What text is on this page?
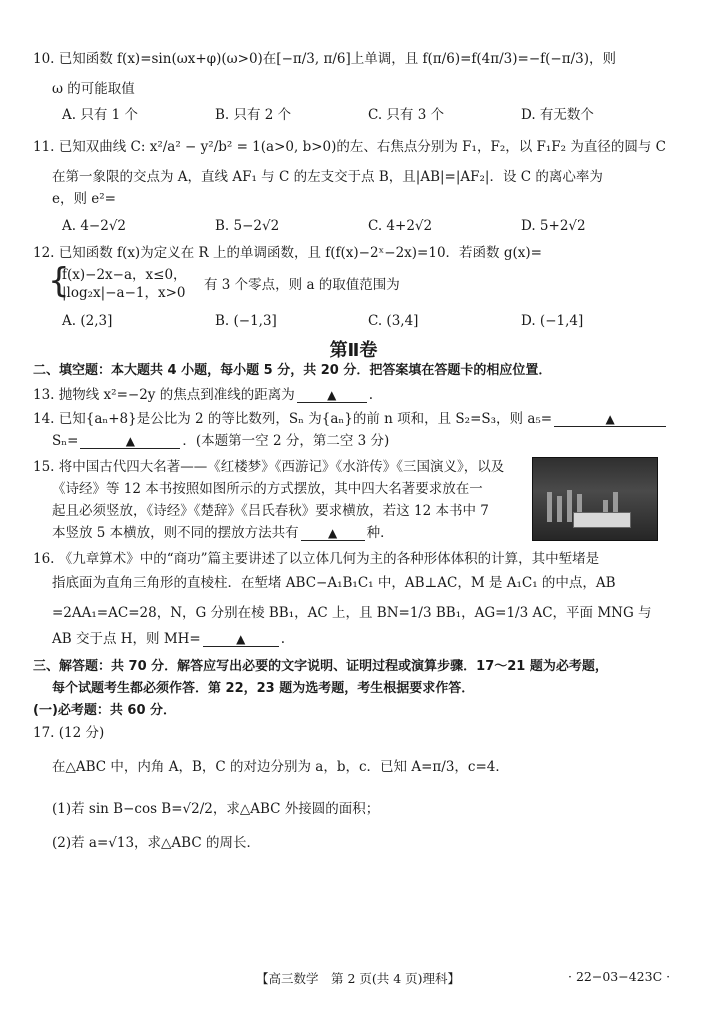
10. 已知函数 f(x)=sin(ωx+φ)(ω>0)在[−π/3, π/6]上单调，且 f(π/6)=f(4π/3)=−f(−π/3)，则
ω 的可能取值
A. 只有 1 个	B. 只有 2 个	C. 只有 3 个	D. 有无数个
11. 已知双曲线 C: x²/a² − y²/b² = 1(a>0, b>0)的左、右焦点分别为 F₁，F₂，以 F₁F₂ 为直径的圆与 C
在第一象限的交点为 A，直线 AF₁ 与 C 的左支交于点 B，且|AB|=|AF₂|．设 C 的离心率为
e，则 e²=
A. 4−2√2	B. 5−2√2	C. 4+2√2	D. 5+2√2
12. 已知函数 f(x)为定义在 R 上的单调函数，且 f(f(x)−2ˣ−2x)=10．若函数 g(x)=
{
f(x)−2x−a，x≤0，
|log₂x|−a−1，x>0 有 3 个零点，则 a 的取值范围为
A. (2,3]	B. (−1,3]	C. (3,4]	D. (−1,4]
第Ⅱ卷
二、填空题：本大题共 4 小题，每小题 5 分，共 20 分．把答案填在答题卡的相应位置．
13. 抛物线 x²=−2y 的焦点到准线的距离为	▲ .
14. 已知{aₙ+8}是公比为 2 的等比数列，Sₙ 为{aₙ}的前 n 项和，且 S₂=S₃，则 a₅=	▲
Sₙ=	▲	．(本题第一空 2 分，第二空 3 分)
15. 将中国古代四大名著——《红楼梦》《西游记》《水浒传》《三国演义》，以及
《诗经》等 12 本书按照如图所示的方式摆放，其中四大名著要求放在一
起且必须竖放，《诗经》《楚辞》《吕氏春秋》要求横放，若这 12 本书中 7
本竖放 5 本横放，则不同的摆放方法共有 ▲ 种．
16. 《九章算术》中的“商功”篇主要讲述了以立体几何为主的各种形体体积的计算，其中堑堵是
指底面为直角三角形的直棱柱．在堑堵 ABC−A₁B₁C₁ 中，AB⊥AC，M 是 A₁C₁ 的中点，AB
=2AA₁=AC=28，N，G 分别在棱 BB₁，AC 上，且 BN=1/3 BB₁，AG=1/3 AC，平面 MNG 与
AB 交于点 H，则 MH=	▲	.
三、解答题：共 70 分．解答应写出必要的文字说明、证明过程或演算步骤．17～21 题为必考题，
每个试题考生都必须作答．第 22，23 题为选考题，考生根据要求作答．
(一)必考题：共 60 分．
17. (12 分)
在△ABC 中，内角 A，B，C 的对边分别为 a，b，c．已知 A=π/3，c=4．
(1)若 sin B−cos B=√2/2，求△ABC 外接圆的面积；
(2)若 a=√13，求△ABC 的周长．
【高三数学　第 2 页(共 4 页)理科】	· 22−03−423C ·
